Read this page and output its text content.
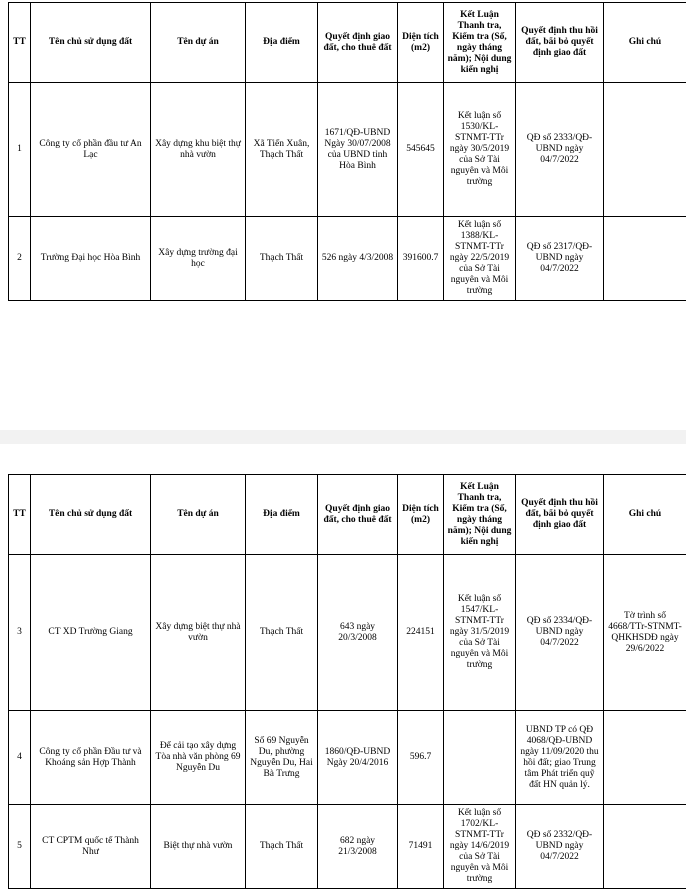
TT	Tên chủ sử dụng đất	Tên dự án	Địa điểm	Quyết định giao đất, cho thuê đất	Diện tích (m2)	Kết Luận Thanh tra, Kiểm tra (Số, ngày tháng năm); Nội dung kiến nghị	Quyết định thu hồi đất, bãi bỏ quyết định giao đất	Ghi chú
1	Công ty cổ phần đầu tư An Lạc	Xây dựng khu biệt thự nhà vườn	Xã Tiến Xuân, Thạch Thất	1671/QĐ-UBND Ngày 30/07/2008 của UBND tỉnh Hòa Bình	545645	Kết luận số 1530/KL-STNMT-TTr ngày 30/5/2019 của Sở Tài nguyên và Môi trường	QĐ số 2333/QĐ-UBND ngày 04/7/2022	
2	Trường Đại học Hòa Bình	Xây dựng trường đại học	Thạch Thất	526 ngày 4/3/2008	391600.7	Kết luận số 1388/KL-STNMT-TTr ngày 22/5/2019 của Sở Tài nguyên và Môi trường	QĐ số 2317/QĐ-UBND ngày 04/7/2022	
TT	Tên chủ sử dụng đất	Tên dự án	Địa điểm	Quyết định giao đất, cho thuê đất	Diện tích (m2)	Kết Luận Thanh tra, Kiểm tra (Số, ngày tháng năm); Nội dung kiến nghị	Quyết định thu hồi đất, bãi bỏ quyết định giao đất	Ghi chú
3	CT XD Trường Giang	Xây dựng biệt thự nhà vườn	Thạch Thất	643 ngày 20/3/2008	224151	Kết luận số 1547/KL-STNMT-TTr ngày 31/5/2019 của Sở Tài nguyên và Môi trường	QĐ số 2334/QĐ-UBND ngày 04/7/2022	Tờ trình số 4668/TTr-STNMT-QHKHSDĐ ngày 29/6/2022
4	Công ty cổ phần Đầu tư và Khoáng sản Hợp Thành	Để cải tạo xây dựng Tòa nhà văn phòng 69 Nguyễn Du	Số 69 Nguyễn Du, phường Nguyễn Du, Hai Bà Trưng	1860/QĐ-UBND Ngày 20/4/2016	596.7		UBND TP có QĐ 4068/QĐ-UBND ngày 11/09/2020 thu hồi đất; giao Trung tâm Phát triển quỹ đất HN quản lý.	
5	CT CPTM quốc tế Thành Như	Biệt thự nhà vườn	Thạch Thất	682 ngày 21/3/2008	71491	Kết luận số 1702/KL-STNMT-TTr ngày 14/6/2019 của Sở Tài nguyên và Môi trường	QĐ số 2332/QĐ-UBND ngày 04/7/2022	
